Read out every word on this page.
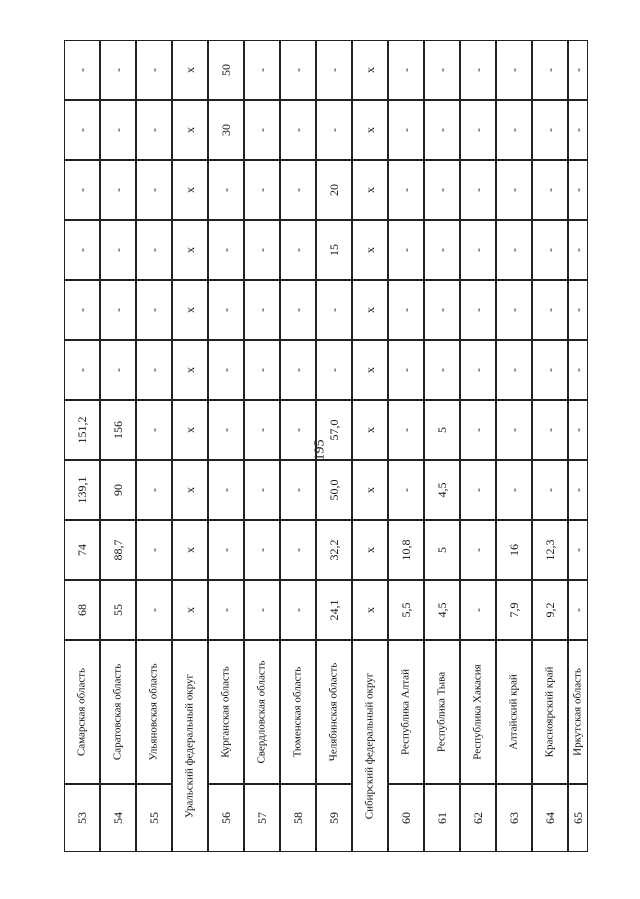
195
53
Самарская область
68
74
139,1
151,2
-
-
-
-
-
-
54
Саратовская область
55
88,7
90
156
-
-
-
-
-
-
55
Ульяновская область
-
-
-
-
-
-
-
-
-
-
Уральский федеральный округ
x
x
x
x
x
x
x
x
x
x
56
Курганская область
-
-
-
-
-
-
-
-
30
50
57
Свердловская область
-
-
-
-
-
-
-
-
-
-
58
Тюменская область
-
-
-
-
-
-
-
-
-
-
59
Челябинская область
24,1
32,2
50,0
57,0
-
-
15
20
-
-
Сибирский федеральный округ
x
x
x
x
x
x
x
x
x
x
60
Республика Алтай
5,5
10,8
-
-
-
-
-
-
-
-
61
Республика Тыва
4,5
5
4,5
5
-
-
-
-
-
-
62
Республика Хакасия
-
-
-
-
-
-
-
-
-
-
63
Алтайский край
7,9
16
-
-
-
-
-
-
-
-
64
Красноярский край
9,2
12,3
-
-
-
-
-
-
-
-
65
Иркутская область
-
-
-
-
-
-
-
-
-
-
